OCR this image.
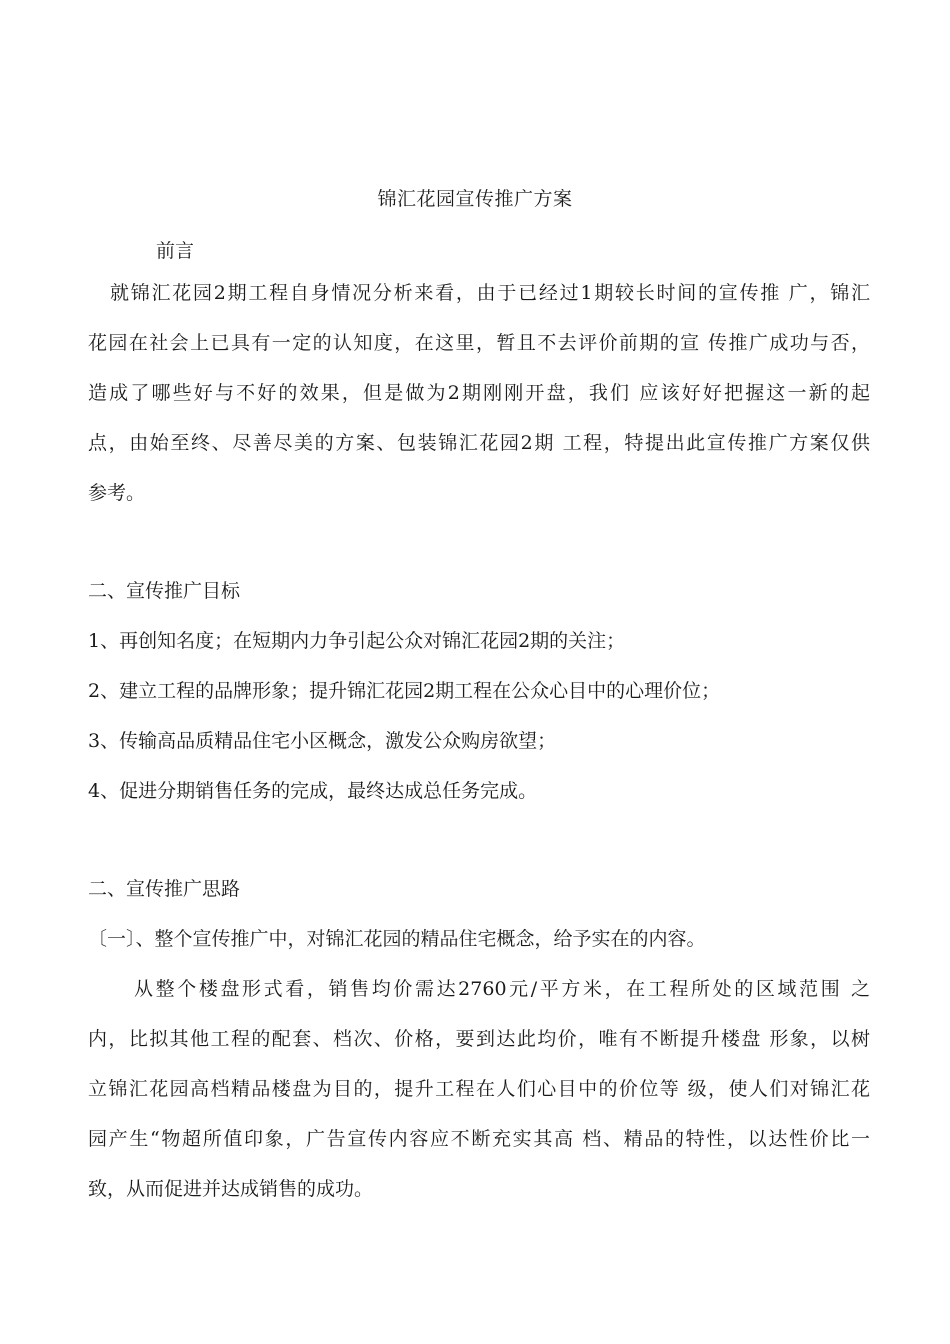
锦汇花园宣传推广方案
前言
就锦汇花园2期工程自身情况分析来看，由于已经过1期较长时间的宣传推 广，锦汇
花园在社会上已具有一定的认知度，在这里，暂且不去评价前期的宣 传推广成功与否，
造成了哪些好与不好的效果，但是做为2期刚刚开盘，我们 应该好好把握这一新的起
点，由始至终、尽善尽美的方案、包装锦汇花园2期 工程，特提出此宣传推广方案仅供
参考。
二、宣传推广目标
1、再创知名度；在短期内力争引起公众对锦汇花园2期的关注；
2、建立工程的品牌形象；提升锦汇花园2期工程在公众心目中的心理价位；
3、传输高品质精品住宅小区概念，激发公众购房欲望；
4、促进分期销售任务的完成，最终达成总任务完成。
二、宣传推广思路
〔一〕、整个宣传推广中，对锦汇花园的精品住宅概念，给予实在的内容。
从整个楼盘形式看，销售均价需达2760元/平方米，在工程所处的区域范围 之
内，比拟其他工程的配套、档次、价格，要到达此均价，唯有不断提升楼盘 形象，以树
立锦汇花园高档精品楼盘为目的，提升工程在人们心目中的价位等 级，使人们对锦汇花
园产生“物超所值印象，广告宣传内容应不断充实其高 档、精品的特性，以达性价比一
致，从而促进并达成销售的成功。
